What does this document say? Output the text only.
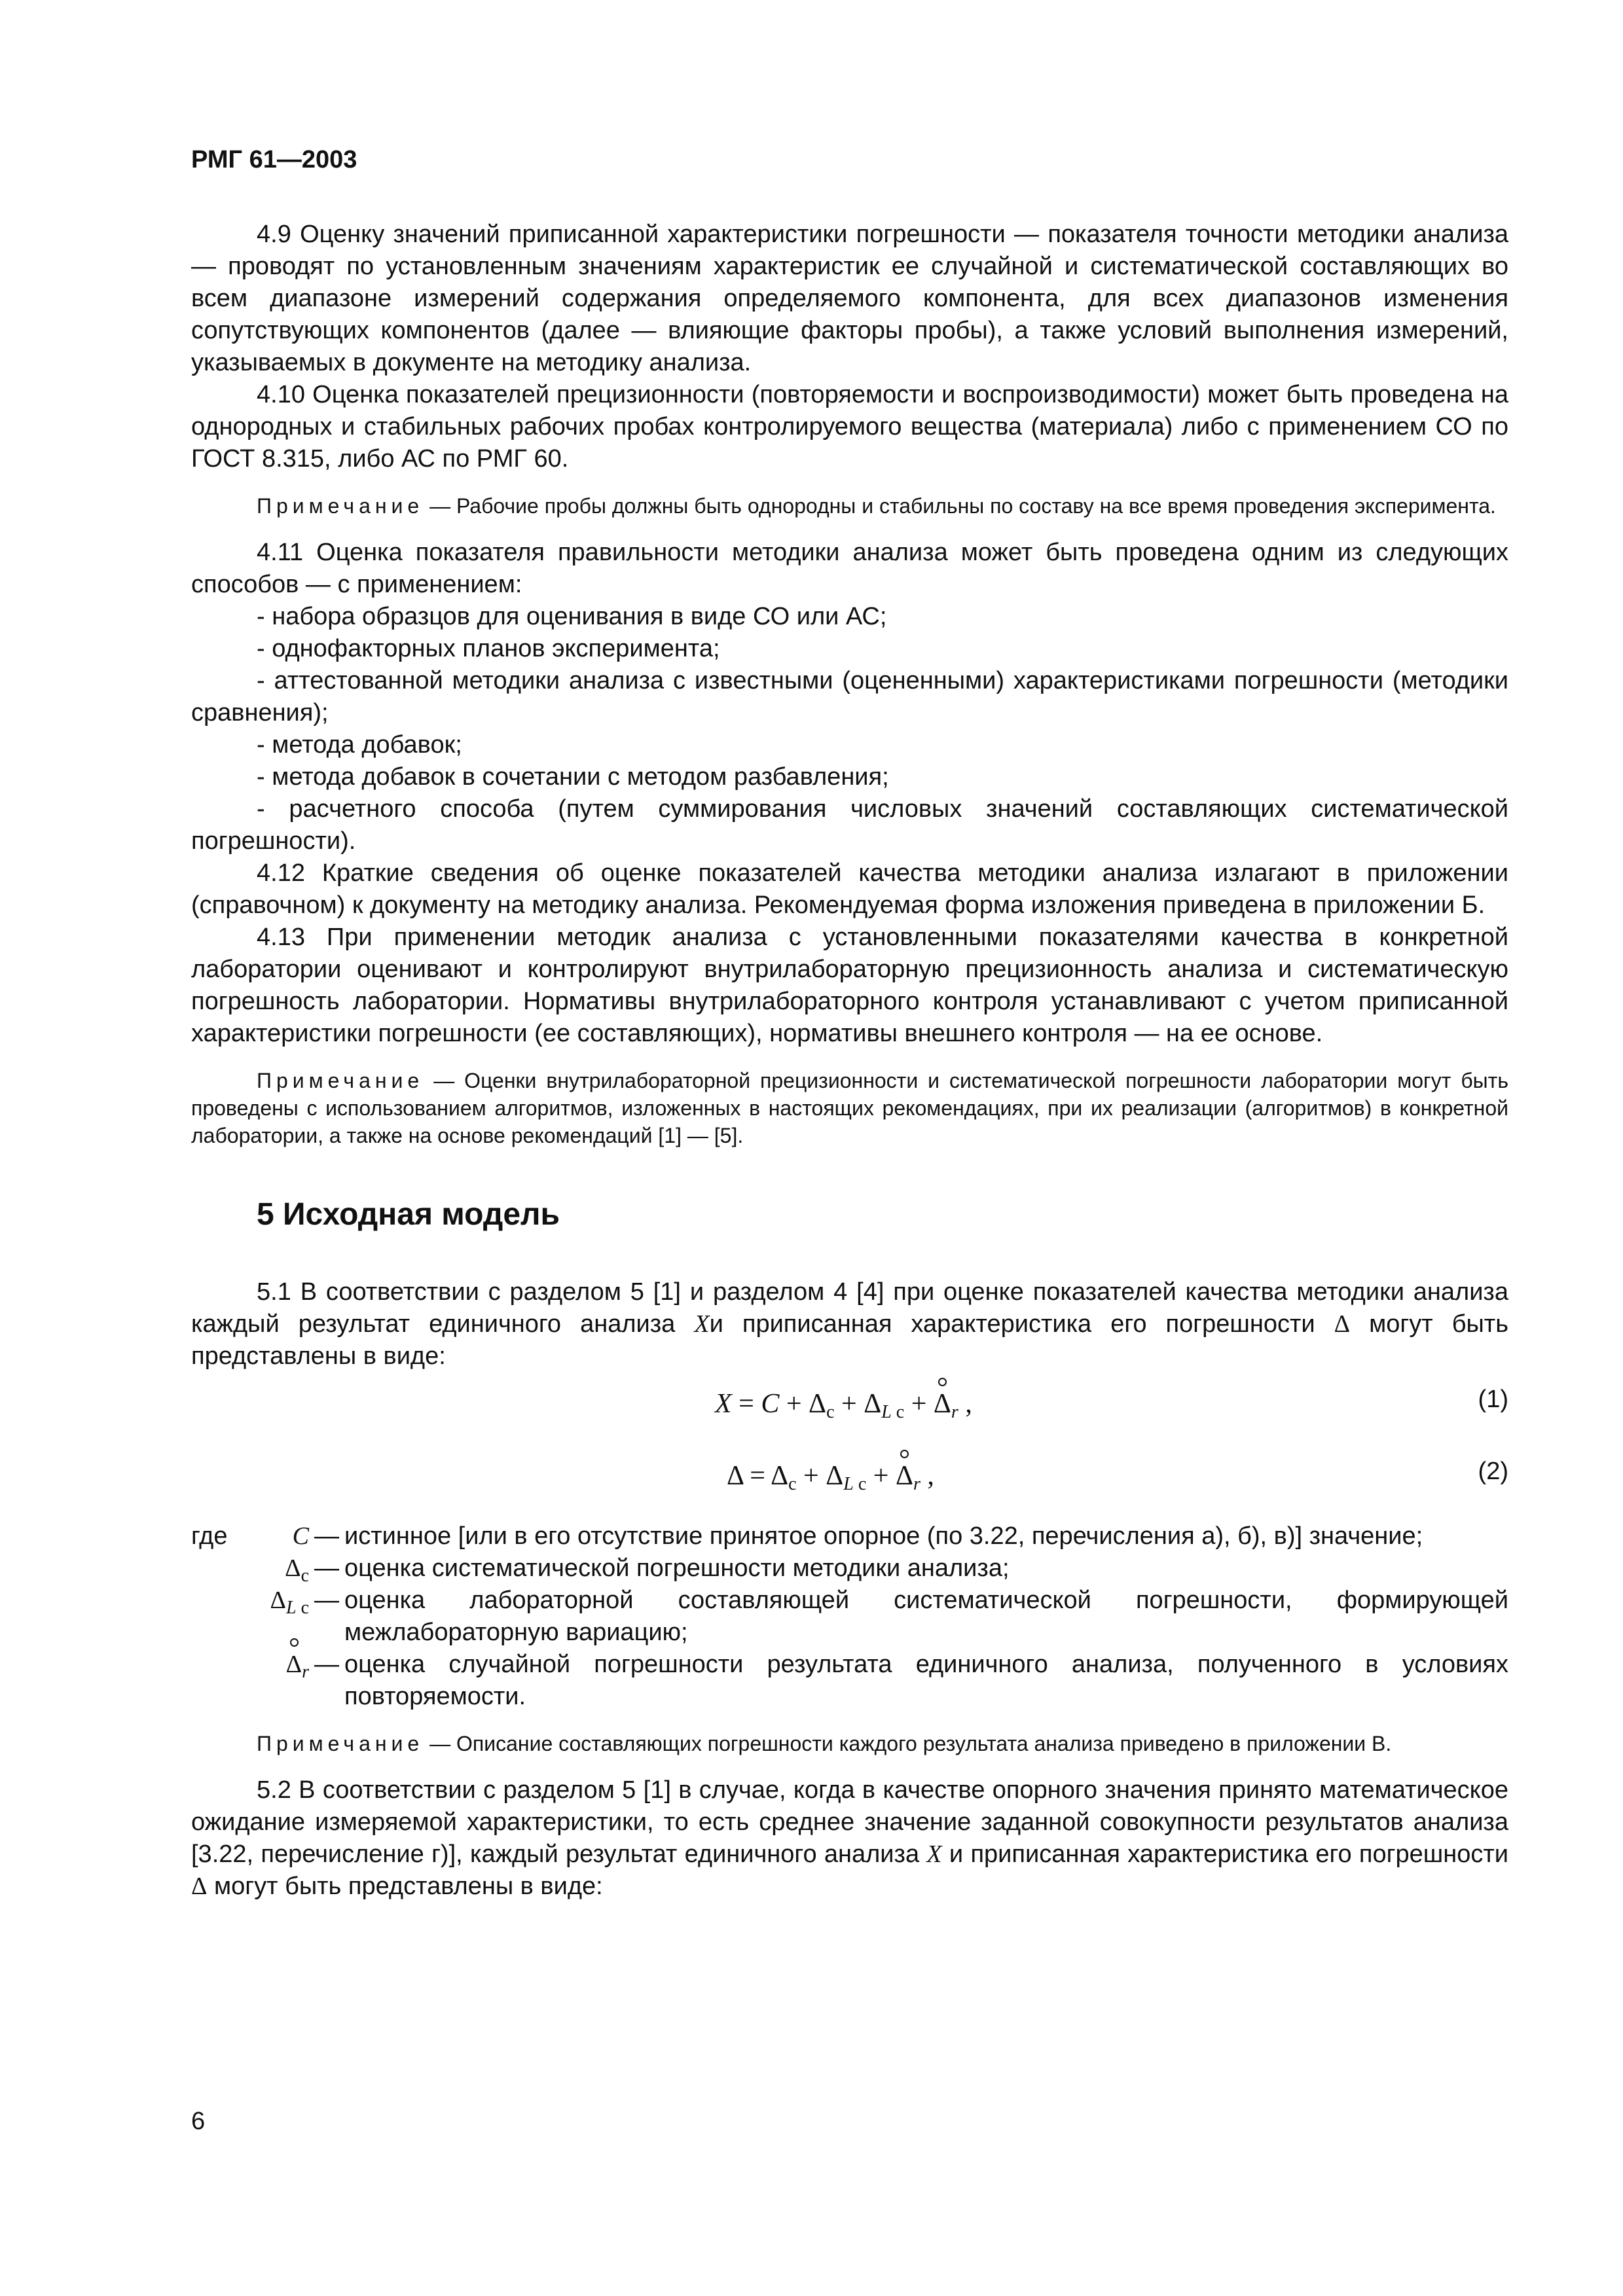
РМГ 61—2003

4.9 Оценку значений приписанной характеристики погрешности — показателя точности методики анализа — проводят по установленным значениям характеристик ее случайной и систематической составляющих во всем диапазоне измерений содержания определяемого компонента, для всех диапазонов изменения сопутствующих компонентов (далее — влияющие факторы пробы), а также условий выполнения измерений, указываемых в документе на методику анализа.

4.10 Оценка показателей прецизионности (повторяемости и воспроизводимости) может быть проведена на однородных и стабильных рабочих пробах контролируемого вещества (материала) либо с применением СО по ГОСТ 8.315, либо АС по РМГ 60.

Примечание — Рабочие пробы должны быть однородны и стабильны по составу на все время проведения эксперимента.

4.11 Оценка показателя правильности методики анализа может быть проведена одним из следующих способов — с применением:

- набора образцов для оценивания в виде СО или АС;

- однофакторных планов эксперимента;

- аттестованной методики анализа с известными (оцененными) характеристиками погрешности (методики сравнения);

- метода добавок;

- метода добавок в сочетании с методом разбавления;

- расчетного способа (путем суммирования числовых значений составляющих систематической погрешности).

4.12 Краткие сведения об оценке показателей качества методики анализа излагают в приложении (справочном) к документу на методику анализа. Рекомендуемая форма изложения приведена в приложении Б.

4.13 При применении методик анализа с установленными показателями качества в конкретной лаборатории оценивают и контролируют внутрилабораторную прецизионность анализа и систематическую погрешность лаборатории. Нормативы внутрилабораторного контроля устанавливают с учетом приписанной характеристики погрешности (ее составляющих), нормативы внешнего контроля — на ее основе.

Примечание — Оценки внутрилабораторной прецизионности и систематической погрешности лаборатории могут быть проведены с использованием алгоритмов, изложенных в настоящих рекомендациях, при их реализации (алгоритмов) в конкретной лаборатории, а также на основе рекомендаций [1] — [5].
5 Исходная модель

5.1 В соответствии с разделом 5 [1] и разделом 4 [4] при оценке показателей качества методики анализа каждый результат единичного анализа Xи приписанная характеристика его погрешности Δ могут быть представлены в виде:

$X = C + \Delta_c + \Delta_{L c} + \Delta_r$ ,	(1)
$\Delta = \Delta_c + \Delta_{L c} + \Delta_r$ ,	(2)
где	C — истинное [или в его отсутствие принятое опорное (по 3.22, перечисления а), б), в)] значение;
$\Delta_c$ — оценка систематической погрешности методики анализа;
$\Delta_{L c}$ — оценка лабораторной составляющей систематической погрешности, формирующей межлабораторную вариацию;
$\Delta_r$ — оценка случайной погрешности результата единичного анализа, полученного в условиях повторяемости.
Примечание — Описание составляющих погрешности каждого результата анализа приведено в приложении В.

5.2 В соответствии с разделом 5 [1] в случае, когда в качестве опорного значения принято математическое ожидание измеряемой характеристики, то есть среднее значение заданной совокупности результатов анализа [3.22, перечисление г)], каждый результат единичного анализа X и приписанная характеристика его погрешности Δ могут быть представлены в виде:

6
